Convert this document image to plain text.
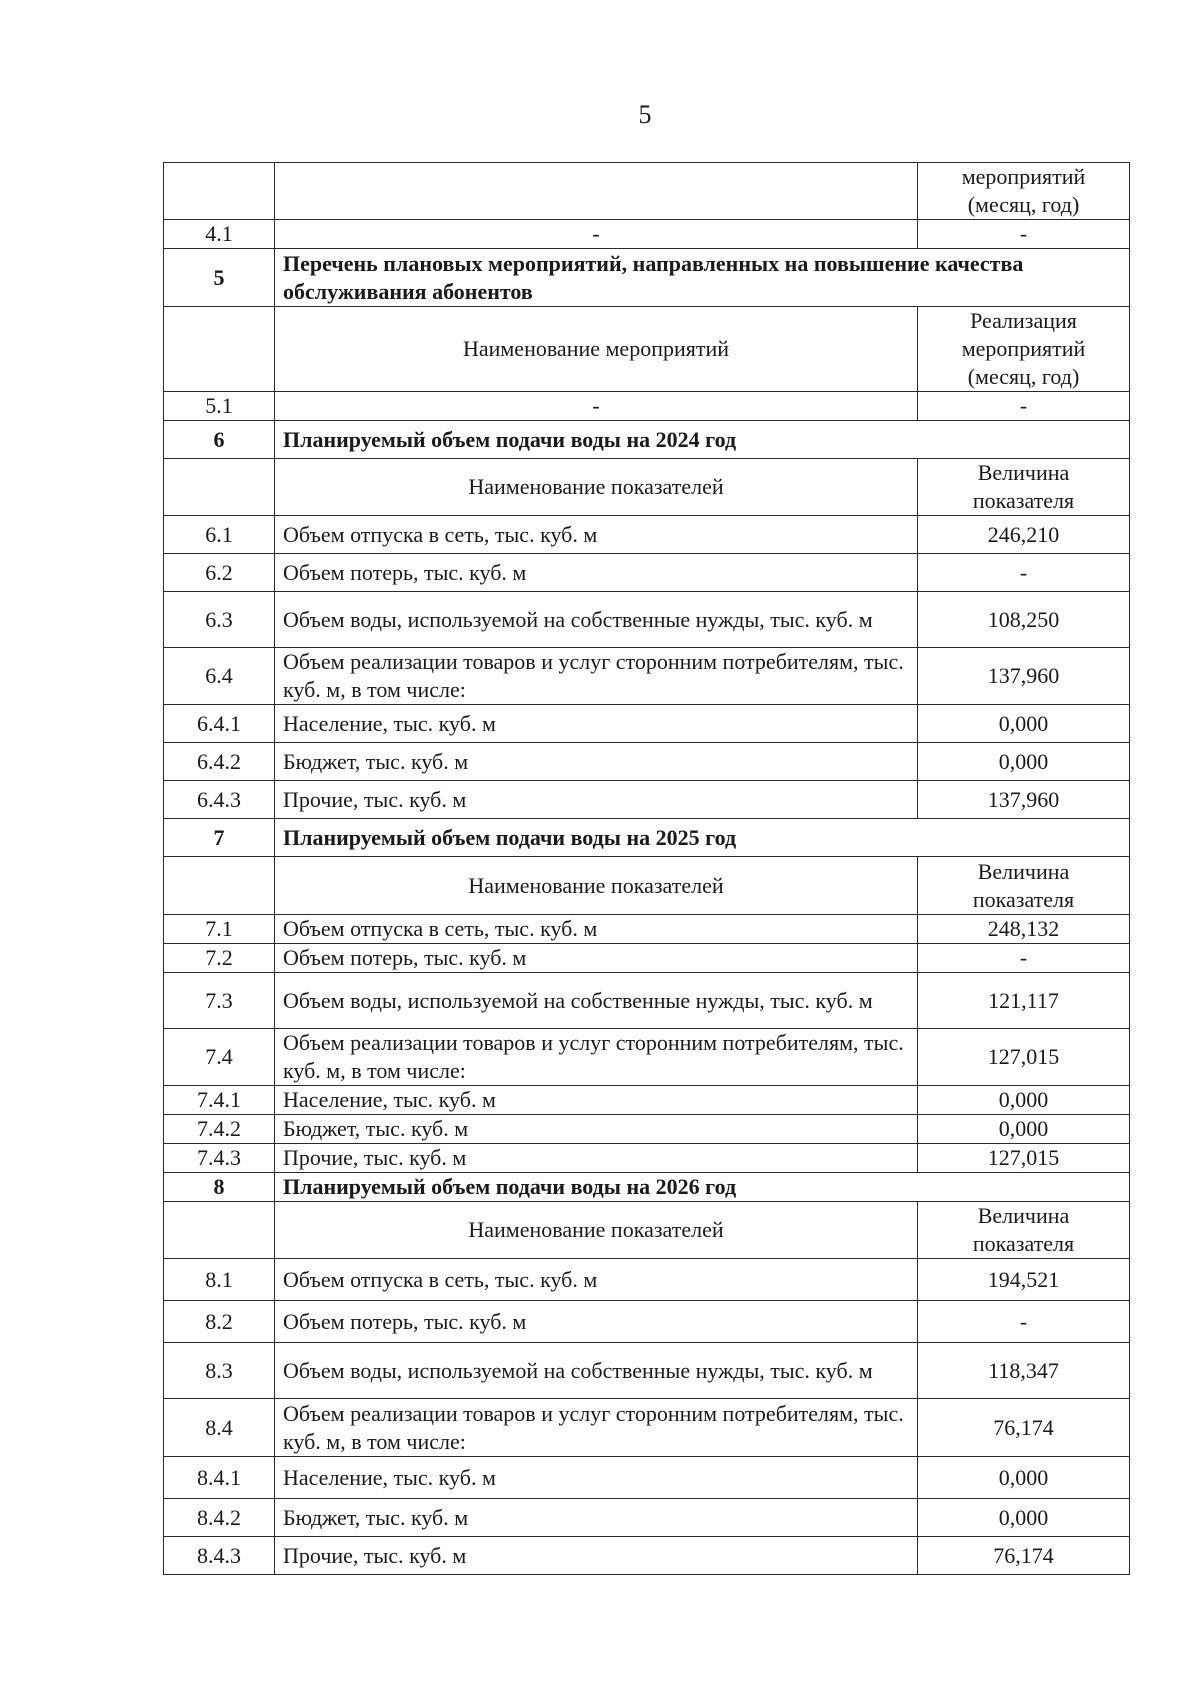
5
		мероприятий (месяц, год)
4.1	-	-
5	Перечень плановых мероприятий, направленных на повышение качества обслуживания абонентов	
	Наименование мероприятий	Реализация мероприятий (месяц, год)
5.1	-	-
6	Планируемый объем подачи воды на 2024 год	
	Наименование показателей	Величина показателя
6.1	Объем отпуска в сеть, тыс. куб. м	246,210
6.2	Объем потерь, тыс. куб. м	-
6.3	Объем воды, используемой на собственные нужды, тыс. куб. м	108,250
6.4	Объем реализации товаров и услуг сторонним потребителям, тыс. куб. м, в том числе:	137,960
6.4.1	Население, тыс. куб. м	0,000
6.4.2	Бюджет, тыс. куб. м	0,000
6.4.3	Прочие, тыс. куб. м	137,960
7	Планируемый объем подачи воды на 2025 год	
	Наименование показателей	Величина показателя
7.1	Объем отпуска в сеть, тыс. куб. м	248,132
7.2	Объем потерь, тыс. куб. м	-
7.3	Объем воды, используемой на собственные нужды, тыс. куб. м	121,117
7.4	Объем реализации товаров и услуг сторонним потребителям, тыс. куб. м, в том числе:	127,015
7.4.1	Население, тыс. куб. м	0,000
7.4.2	Бюджет, тыс. куб. м	0,000
7.4.3	Прочие, тыс. куб. м	127,015
8	Планируемый объем подачи воды на 2026 год	
	Наименование показателей	Величина показателя
8.1	Объем отпуска в сеть, тыс. куб. м	194,521
8.2	Объем потерь, тыс. куб. м	-
8.3	Объем воды, используемой на собственные нужды, тыс. куб. м	118,347
8.4	Объем реализации товаров и услуг сторонним потребителям, тыс. куб. м, в том числе:	76,174
8.4.1	Население, тыс. куб. м	0,000
8.4.2	Бюджет, тыс. куб. м	0,000
8.4.3	Прочие, тыс. куб. м	76,174
